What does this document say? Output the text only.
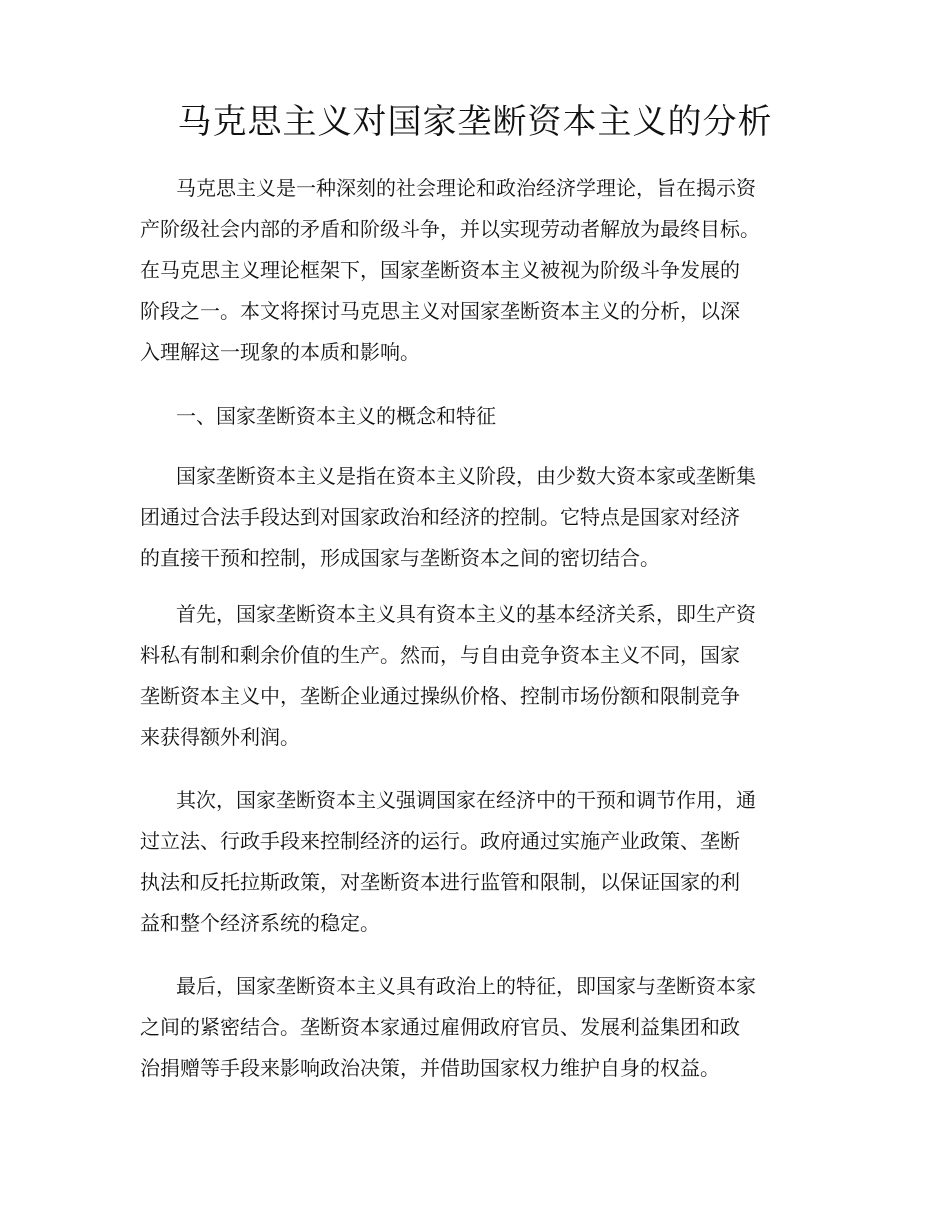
马克思主义对国家垄断资本主义的分析

马克思主义是一种深刻的社会理论和政治经济学理论，旨在揭示资
产阶级社会内部的矛盾和阶级斗争，并以实现劳动者解放为最终目标。
在马克思主义理论框架下，国家垄断资本主义被视为阶级斗争发展的
阶段之一。本文将探讨马克思主义对国家垄断资本主义的分析，以深
入理解这一现象的本质和影响。

一、国家垄断资本主义的概念和特征

国家垄断资本主义是指在资本主义阶段，由少数大资本家或垄断集
团通过合法手段达到对国家政治和经济的控制。它特点是国家对经济
的直接干预和控制，形成国家与垄断资本之间的密切结合。

首先，国家垄断资本主义具有资本主义的基本经济关系，即生产资
料私有制和剩余价值的生产。然而，与自由竞争资本主义不同，国家
垄断资本主义中，垄断企业通过操纵价格、控制市场份额和限制竞争
来获得额外利润。

其次，国家垄断资本主义强调国家在经济中的干预和调节作用，通
过立法、行政手段来控制经济的运行。政府通过实施产业政策、垄断
执法和反托拉斯政策，对垄断资本进行监管和限制，以保证国家的利
益和整个经济系统的稳定。

最后，国家垄断资本主义具有政治上的特征，即国家与垄断资本家
之间的紧密结合。垄断资本家通过雇佣政府官员、发展利益集团和政
治捐赠等手段来影响政治决策，并借助国家权力维护自身的权益。
